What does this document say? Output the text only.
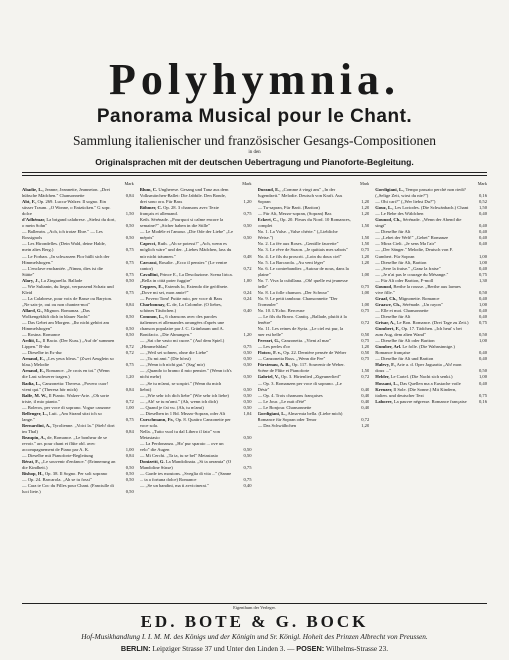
Polyhymnia.
Panorama Musical pour le Chant.
Sammlung italienischer und französischer Gesangs-Compositionen
in den
Originalsprachen mit der deutschen Uebertragung und Pianoforte-Begleitung.
Mark
Abadie, L., Jeanne, Jeannette, Jeanneton. „Drei hübsche Mädchen." Chansonnette	0,84
Abt, F., Op. 269. Lucca-Walzer. Il sogno. Ein süsser Traum. „O Wonne, o Entzücken." G sopr. dolce	1,50
d'Adhémar, La brigand calabrese. „Siehst du dort, o mein Sohn"	0,50
— Ballenrin. „Ach, ich trotze Ehre." — Les Rossignols	0,50
— Les Hirondelles. (Dein Wald, deine Halde, mein altes Berg.)	0,75
— Le Forban. „In schwarzen Flor hüllt sich der Himmelsbogen."	0,75
— L'enclave enchantée. „Nimm, dies ist die Stätte"	0,75
Alary, J., La Zingarella. Ballade	0,50
— Wie Sultanin, du liegst, verpassend Schatz und Kleid	0,75
— La Calabrese, pour voix de Basse ou Baryton. „Ne sais-je, oui ou non chantez-moi"	0,84
Allard, G., Mignon. Romanza. „Das Wolkengeklüft dich in blauer Nacht"	0,50
— Das Gebet am Morgen. „Ihr nicht gehört am Himmelsbogen"	0,50
— Rosina. Romance	0,50
Ardiii, L., Il Bacio. (Der Kuss.) „Auf de' summen Lippen." B-dur	0,72
— Dieselbe in Es-dur	0,72
Arnaud, E., „Les yeux bleus." (Zwei Aeuglein so blau.) Melodie	0,75
Arnaud, E., Romance. „Je crois en toi." (Wenn die Last schwerer tragen.)	1,20
Badia, L., Canzonetta: Theresa. „Povero cuor! vieni qui." (Theresa hör mich)	0,84
Balfe, M. W., Il Pianto. Walzer-Arie. „Oh sorte triste, il mio pianto."	0,72
— Boleros, per voce di soprano. Vogue canzone	1,00
Bellenger, L., Luit. „Am Strand sitzt ich so lange."	0,75
Bernardini, A., Tyrolienne. „Voici la." (Sieh! dort im Thal)	0,84
Beaupin, A., de, Romance. „Le bonheur de se revoir." arr. pour chant et flûte obl. avec accompagnement de Piano par A. K.	1,00
— Dieselbe mit Pianoforte-Begleitung	0,84
Bérat, F., „Le souvenir d'enfance." (Erinnerung an die Kindheit.)	0,50
Bishop, H., Op. 38. Il Sogno. Per soli soprano	0,50
— Op. 24. Barcarola. „Ah se tu fossi"	0,50
— Cara te Coc du Filles pour Chant. (Fanciulle di luci liete.)	0,50
Mark
Blum, C. Ungherese. Gesang und Tanz aus dem Volksmärchen-Ballet: Die Jabbile. Den Bonde, drei sono ora. Für Bass	1,20
Böhmer, C. Op. 28. 3 chansons avec Texte français et allemand.	0,75
Keth. Sérénade. „Pourquoi si calme encore la semaine?" „Sicher haben in die Stille"	0,50
— Le Modèle et l'amour. „Die Ode der Liebe" „Le mépris"	0,50
Capecci, Ruth. „Ah se potessi!" „Ach, wenn es möglich wäre" und der. „Liebes Mädchen, lass du mir nicht träumen."	0,48
Carcassi, Rosalie. „Ecco il pensier." (Le ventre cantor)	0,72
Cavallini, Prince E., La Desolazione. Scena lirica. „Bella in città poter fuggire"	1,00
Ceppers, E., Extends lo, Extendo die geöffnete. „Dove mi sei, mon amie?"	0,24
— Povero Tom! Puttie mio, per voce di Bass	0,24
Charbonnay, C. de, La Colombe. (O liebes, schönes Täubchen.)	0,40
Comnon, L., 6 chansons avec des paroles italiennes et allemandes arrangées d'après une chanson populaire par J. C. Grünbaum und A. Bonifacio. „Die Ahnungen."	1,20
— „Sai che vasto mi cuore." (Auf dem Spiel.) „Himmelsblau"	0,75
— „Weil sei sohnen, ohne die Liebe"	0,50
— „Tu mi ami." (Die hörst)	0,50
— „Wenn ich nicht gut." (Sag' mir)	0,50
— „Quando io bramo il mio pensier." (Wenn ich's nicht mehr)	0,50
— „Se tu m'ami, se sospiri." (Wenn du mich liebst)	0,50
— „Wie sehr ich dich liebe" (Wie sehr ich liebe)	0,50
— „Ah! se tu m'ami." (Ah, wenn ich dich)	0,50
— Quand je t'ai vu. (Ah, tu m'ami)	0,50
— Dieselben in 1 Bd. Mezzo-Sopran, oder Alt	1,04
Curschmann, Fr., Op. 8. Quattro Canzonette per voce sola.
Nella. „Tutto vuol tu dal Libero il fato" von Metastasio	0,50
— La Perdonanza. „Ho' pur sparato ... ove un velo" die Augen	0,50
— Mi Cerchi. „Ta ta, tu se bel" Metastasio	0,50
Donizetti, G. La Mandolinata. „Si ta aeramia" (O Mandoline Süsse)	0,75
— Garde tes moutons. „Sveglia di vita ..." (Sanne ... ta a fortuna dolce) Romance	0,75
— „Se un bandini, ma ti avvicinerai."	0,40
Mark
Durand, E., „Comme à vingt ans" „In der Jugendzeit." Melodie. Deutsch von Kraft. Aus Sopran	1,20
— Tu-sapran, Für Barit. (Bariton)	1,20
— Für Alt, Mezzo-sopran, (Sopran) Bar.	1,20
Eckert, C., Op. 20. Fleurs du Nord. 10 Romances, complet	1,50
No. 1. La Valse. „Valse chérie." („Liebliche Weise.")	1,50
No. 2. La fée aux Roses. „Gentille fauvette"	1,50
No. 3. Le rêve de Suzon. „Je quittais mes sabots"	0,75
No. 4. Le fils du proscrit. „Loin du doux ciel"	1,20
No. 5. La Barcarola. „Au vent léger"	1,20
No. 6. Le contrebandier. „Autour de nous, dans la plaine"	1,00
No. 7. Viva la cubillana. „Oh! quelle est jeunesse belle"	0,75
No. 8. La folle chanson. „Der Schwur"	1,00
No. 9. Le petit tambour. Chansonnette "Der Trommler"	1,00
No. 10. L'Echo. Berceuse	0,75
— Le fils du Bravo. Cantiq. „Ballade, plutôt à la fenêtre"	0,72
No. 11. Les reines de Syria. „Le ciel est pur, la mer est belle"	0,50
Ferrari, G., Canzonetta. „Vieni al mar"	0,75
— Les perles d'or	1,20
Flotow, F. v., Op. 22. Dernière pensée de Weber	0,50
— Canzonetta Russ. „Wenn die Fee"	0,75
Fürstenau, A. B., Op. 117. Souvenir de Weber. Scène de Flûte et Pianoforte	1,50
Gabriel, V., Op. 3. Hirtenlied „Zigeunerlied"	0,72
— Op. 3. Romanzen per voce di soprano. „Le Désir"	0,40
— Op. 4. Trois chansons françaises	0,40
— Le Jour. „Le nuit d'été"	0,40
— Le Bonjour. Chansonnette	0,40
Gordigiani, L., Alma-mia bella. (Liebe mich) Romance für Sopran oder Tenor	0,72
— Das Schwälbchen	1,20
Mark
Gordigiani, L., Tempo passato perchè non riedi? („Selige Zeit, wirst du nie?")	0,16
— Ohi cari?" („Wer liebst Du?")	0,52
Gouz, L., Les Loriodes. (Die Schwänbach.) Chant	1,50
— Le Bebe des Wäldchen	0,40
Gounod, Ch., Sérénade. „Wenn der Abend die singt"	0,40
— Dieselbe für Alt	0,40
— „Lebet der Welt!" „Gebet" Romanze	0,40
— Mirra Cieli. „Je sens Ma l'air"	0,40
— „Der Sänger." Melodie, Deutsch von F. Gumbert. Für Sopran	1,00
— Dieselbe für Alt, Bariton	1,00
— „Sere la fraise." „Ganz la fraise"	0,40
— „Je n'ai pas le courage du Mésange."	0,75
— Für Alt oder Bariton, F-moll	1,30
Gounod, Berthe la rousse. „Berthe aux larmes vive fille."	0,50
Graaf, Ch., Mignonette. Romance	0,40
Graawe, Ch., Sérénade. „Un rayon"	1,00
— Elle et moi. Chansonnette	0,40
— Dieselbe für Alt	0,40
Grisar, A., Le Bon. Romance. (Drei Tage zu Zeit.)	0,75
Gumbert, F., Op. 17. Tädchen. „Ich heut' s bei zum Aug, dem alten Wand"	0,50
— Dieselbe für Alt oder Bariton	1,00
Gumber, Arl. Le folle. (Die Wahnsinnige.) Romance française	0,40
— Dieselbe für Alt und Bariton	0,40
Halevy, F., Arie a. d. Oper Jaguarita „Ah! mon doux ..."	0,50
Helder, Le Cartel. (Die Nacht sich senkt.)	1,00
Hossant, L., Das Quellen ma a Eustache voile	0,40
Kreuzer, Il Sole. (Die Sonne.) Mit Kindern, italien. und deutscher Text	0,75
Laborre, La pauvre négresse. Romance française	0,16
Eigenthum der Verleger.
ED. BOTE & G. BOCK
Hof-Musikhandlung I. I. M. M. des Königs und der Königin und Sr. Königl. Hoheit des Prinzen Albrecht von Preussen.
BERLIN: Leipziger Strasse 37 und Unter den Linden 3. — POSEN: Wilhelms-Strasse 23.
